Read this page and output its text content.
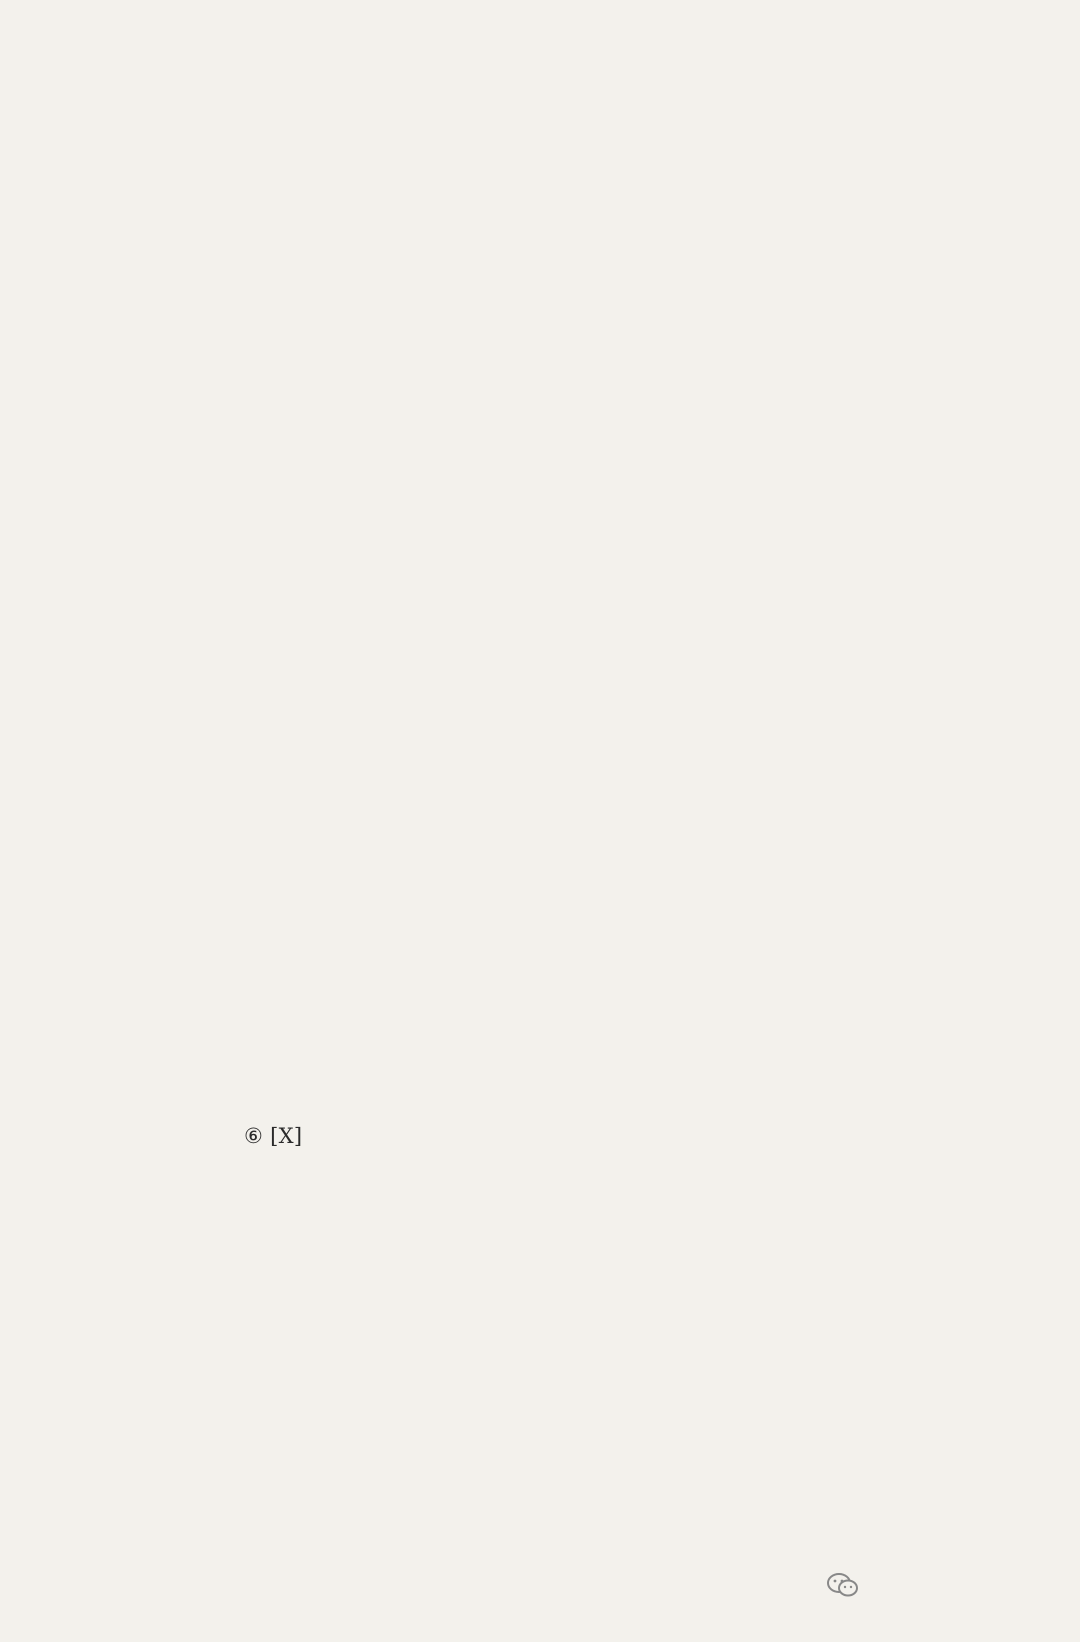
⑥ [X]
